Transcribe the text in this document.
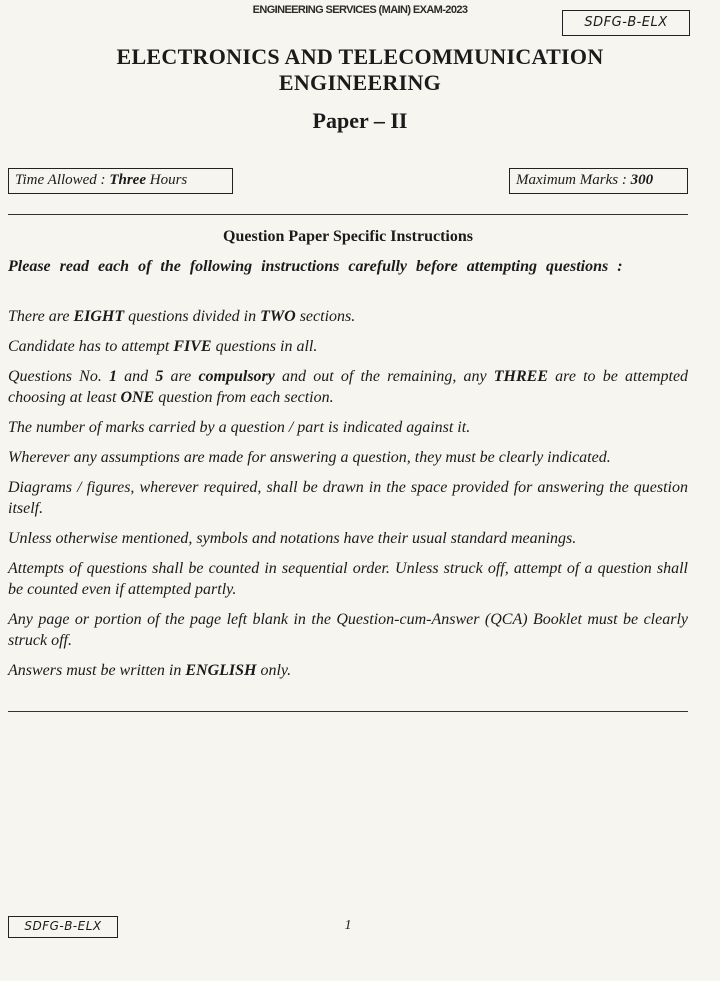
ENGINEERING SERVICES (MAIN) EXAM-2023
SDFG-B-ELX
ELECTRONICS AND TELECOMMUNICATION
ENGINEERING
Paper – II
Time Allowed : Three Hours	Maximum Marks : 300
Question Paper Specific Instructions
Please read each of the following instructions carefully before attempting questions :
There are EIGHT questions divided in TWO sections.
Candidate has to attempt FIVE questions in all.
Questions No. 1 and 5 are compulsory and out of the remaining, any THREE are to be attempted choosing at least ONE question from each section.
The number of marks carried by a question / part is indicated against it.
Wherever any assumptions are made for answering a question, they must be clearly indicated.
Diagrams / figures, wherever required, shall be drawn in the space provided for answering the question itself.
Unless otherwise mentioned, symbols and notations have their usual standard meanings.
Attempts of questions shall be counted in sequential order. Unless struck off, attempt of a question shall be counted even if attempted partly.
Any page or portion of the page left blank in the Question-cum-Answer (QCA) Booklet must be clearly struck off.
Answers must be written in ENGLISH only.
SDFG-B-ELX	1
